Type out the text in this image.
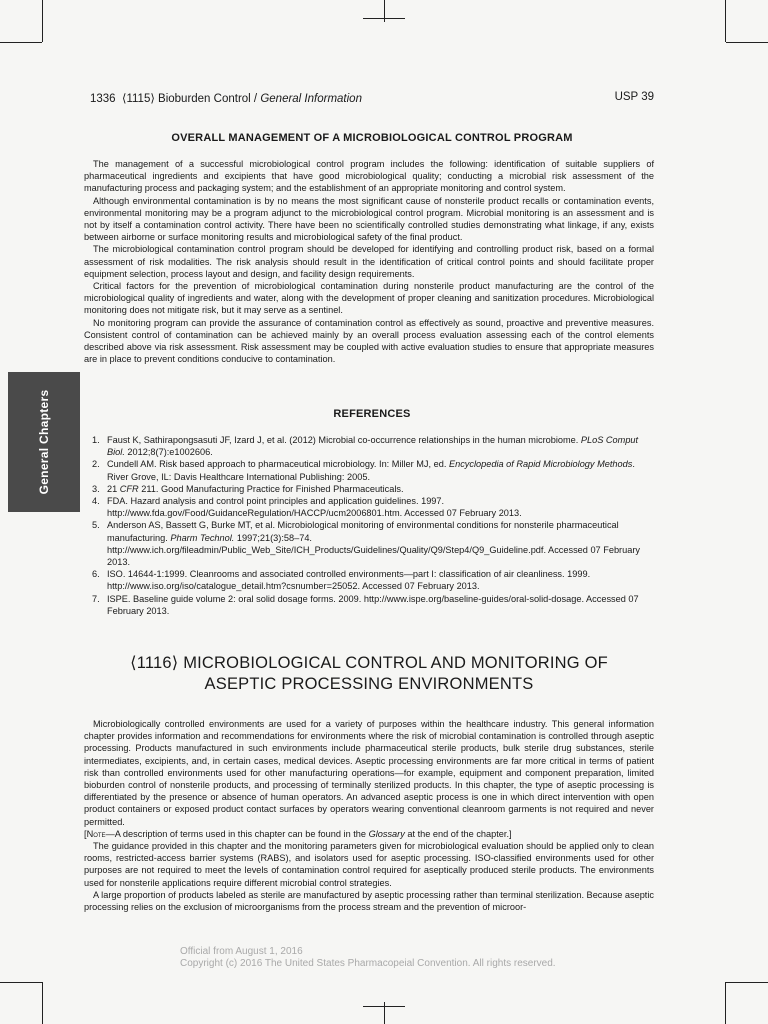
1336 ⟨1115⟩ Bioburden Control / General Information	USP 39
General Chapters
OVERALL MANAGEMENT OF A MICROBIOLOGICAL CONTROL PROGRAM

The management of a successful microbiological control program includes the following: identification of suitable suppliers of pharmaceutical ingredients and excipients that have good microbiological quality; conducting a microbial risk assessment of the manufacturing process and packaging system; and the establishment of an appropriate monitoring and control system.

Although environmental contamination is by no means the most significant cause of nonsterile product recalls or contamination events, environmental monitoring may be a program adjunct to the microbiological control program. Microbial monitoring is an assessment and is not by itself a contamination control activity. There have been no scientifically controlled studies demonstrating what linkage, if any, exists between airborne or surface monitoring results and microbiological safety of the final product.

The microbiological contamination control program should be developed for identifying and controlling product risk, based on a formal assessment of risk modalities. The risk analysis should result in the identification of critical control points and should facilitate proper equipment selection, process layout and design, and facility design requirements.

Critical factors for the prevention of microbiological contamination during nonsterile product manufacturing are the control of the microbiological quality of ingredients and water, along with the development of proper cleaning and sanitization procedures. Microbiological monitoring does not mitigate risk, but it may serve as a sentinel.

No monitoring program can provide the assurance of contamination control as effectively as sound, proactive and preventive measures. Consistent control of contamination can be achieved mainly by an overall process evaluation assessing each of the control elements described above via risk assessment. Risk assessment may be coupled with active evaluation studies to ensure that appropriate measures are in place to prevent conditions conducive to contamination.

REFERENCES
1. Faust K, Sathirapongsasuti JF, Izard J, et al. (2012) Microbial co-occurrence relationships in the human microbiome. PLoS Comput Biol. 2012;8(7):e1002606.
2. Cundell AM. Risk based approach to pharmaceutical microbiology. In: Miller MJ, ed. Encyclopedia of Rapid Microbiology Methods. River Grove, IL: Davis Healthcare International Publishing: 2005.
3. 21 CFR 211. Good Manufacturing Practice for Finished Pharmaceuticals.
4. FDA. Hazard analysis and control point principles and application guidelines. 1997. http://www.fda.gov/Food/GuidanceRegulation/HACCP/ucm2006801.htm. Accessed 07 February 2013.
5. Anderson AS, Bassett G, Burke MT, et al. Microbiological monitoring of environmental conditions for nonsterile pharmaceutical manufacturing. Pharm Technol. 1997;21(3):58–74. http://www.ich.org/fileadmin/Public_Web_Site/ICH_Products/Guidelines/Quality/Q9/Step4/Q9_Guideline.pdf. Accessed 07 February 2013.
6. ISO. 14644-1:1999. Cleanrooms and associated controlled environments—part I: classification of air cleanliness. 1999. http://www.iso.org/iso/catalogue_detail.htm?csnumber=25052. Accessed 07 February 2013.
7. ISPE. Baseline guide volume 2: oral solid dosage forms. 2009. http://www.ispe.org/baseline-guides/oral-solid-dosage. Accessed 07 February 2013.
⟨1116⟩ MICROBIOLOGICAL CONTROL AND MONITORING OF
ASEPTIC PROCESSING ENVIRONMENTS

Microbiologically controlled environments are used for a variety of purposes within the healthcare industry. This general information chapter provides information and recommendations for environments where the risk of microbial contamination is controlled through aseptic processing. Products manufactured in such environments include pharmaceutical sterile products, bulk sterile drug substances, sterile intermediates, excipients, and, in certain cases, medical devices. Aseptic processing environments are far more critical in terms of patient risk than controlled environments used for other manufacturing operations—for example, equipment and component preparation, limited bioburden control of nonsterile products, and processing of terminally sterilized products. In this chapter, the type of aseptic processing is differentiated by the presence or absence of human operators. An advanced aseptic process is one in which direct intervention with open product containers or exposed product contact surfaces by operators wearing conventional cleanroom garments is not required and never permitted.

[Note—A description of terms used in this chapter can be found in the Glossary at the end of the chapter.]

The guidance provided in this chapter and the monitoring parameters given for microbiological evaluation should be applied only to clean rooms, restricted-access barrier systems (RABS), and isolators used for aseptic processing. ISO-classified environments used for other purposes are not required to meet the levels of contamination control required for aseptically produced sterile products. The environments used for nonsterile applications require different microbial control strategies.

A large proportion of products labeled as sterile are manufactured by aseptic processing rather than terminal sterilization. Because aseptic processing relies on the exclusion of microorganisms from the process stream and the prevention of microor-

Official from August 1, 2016
Copyright (c) 2016 The United States Pharmacopeial Convention. All rights reserved.
